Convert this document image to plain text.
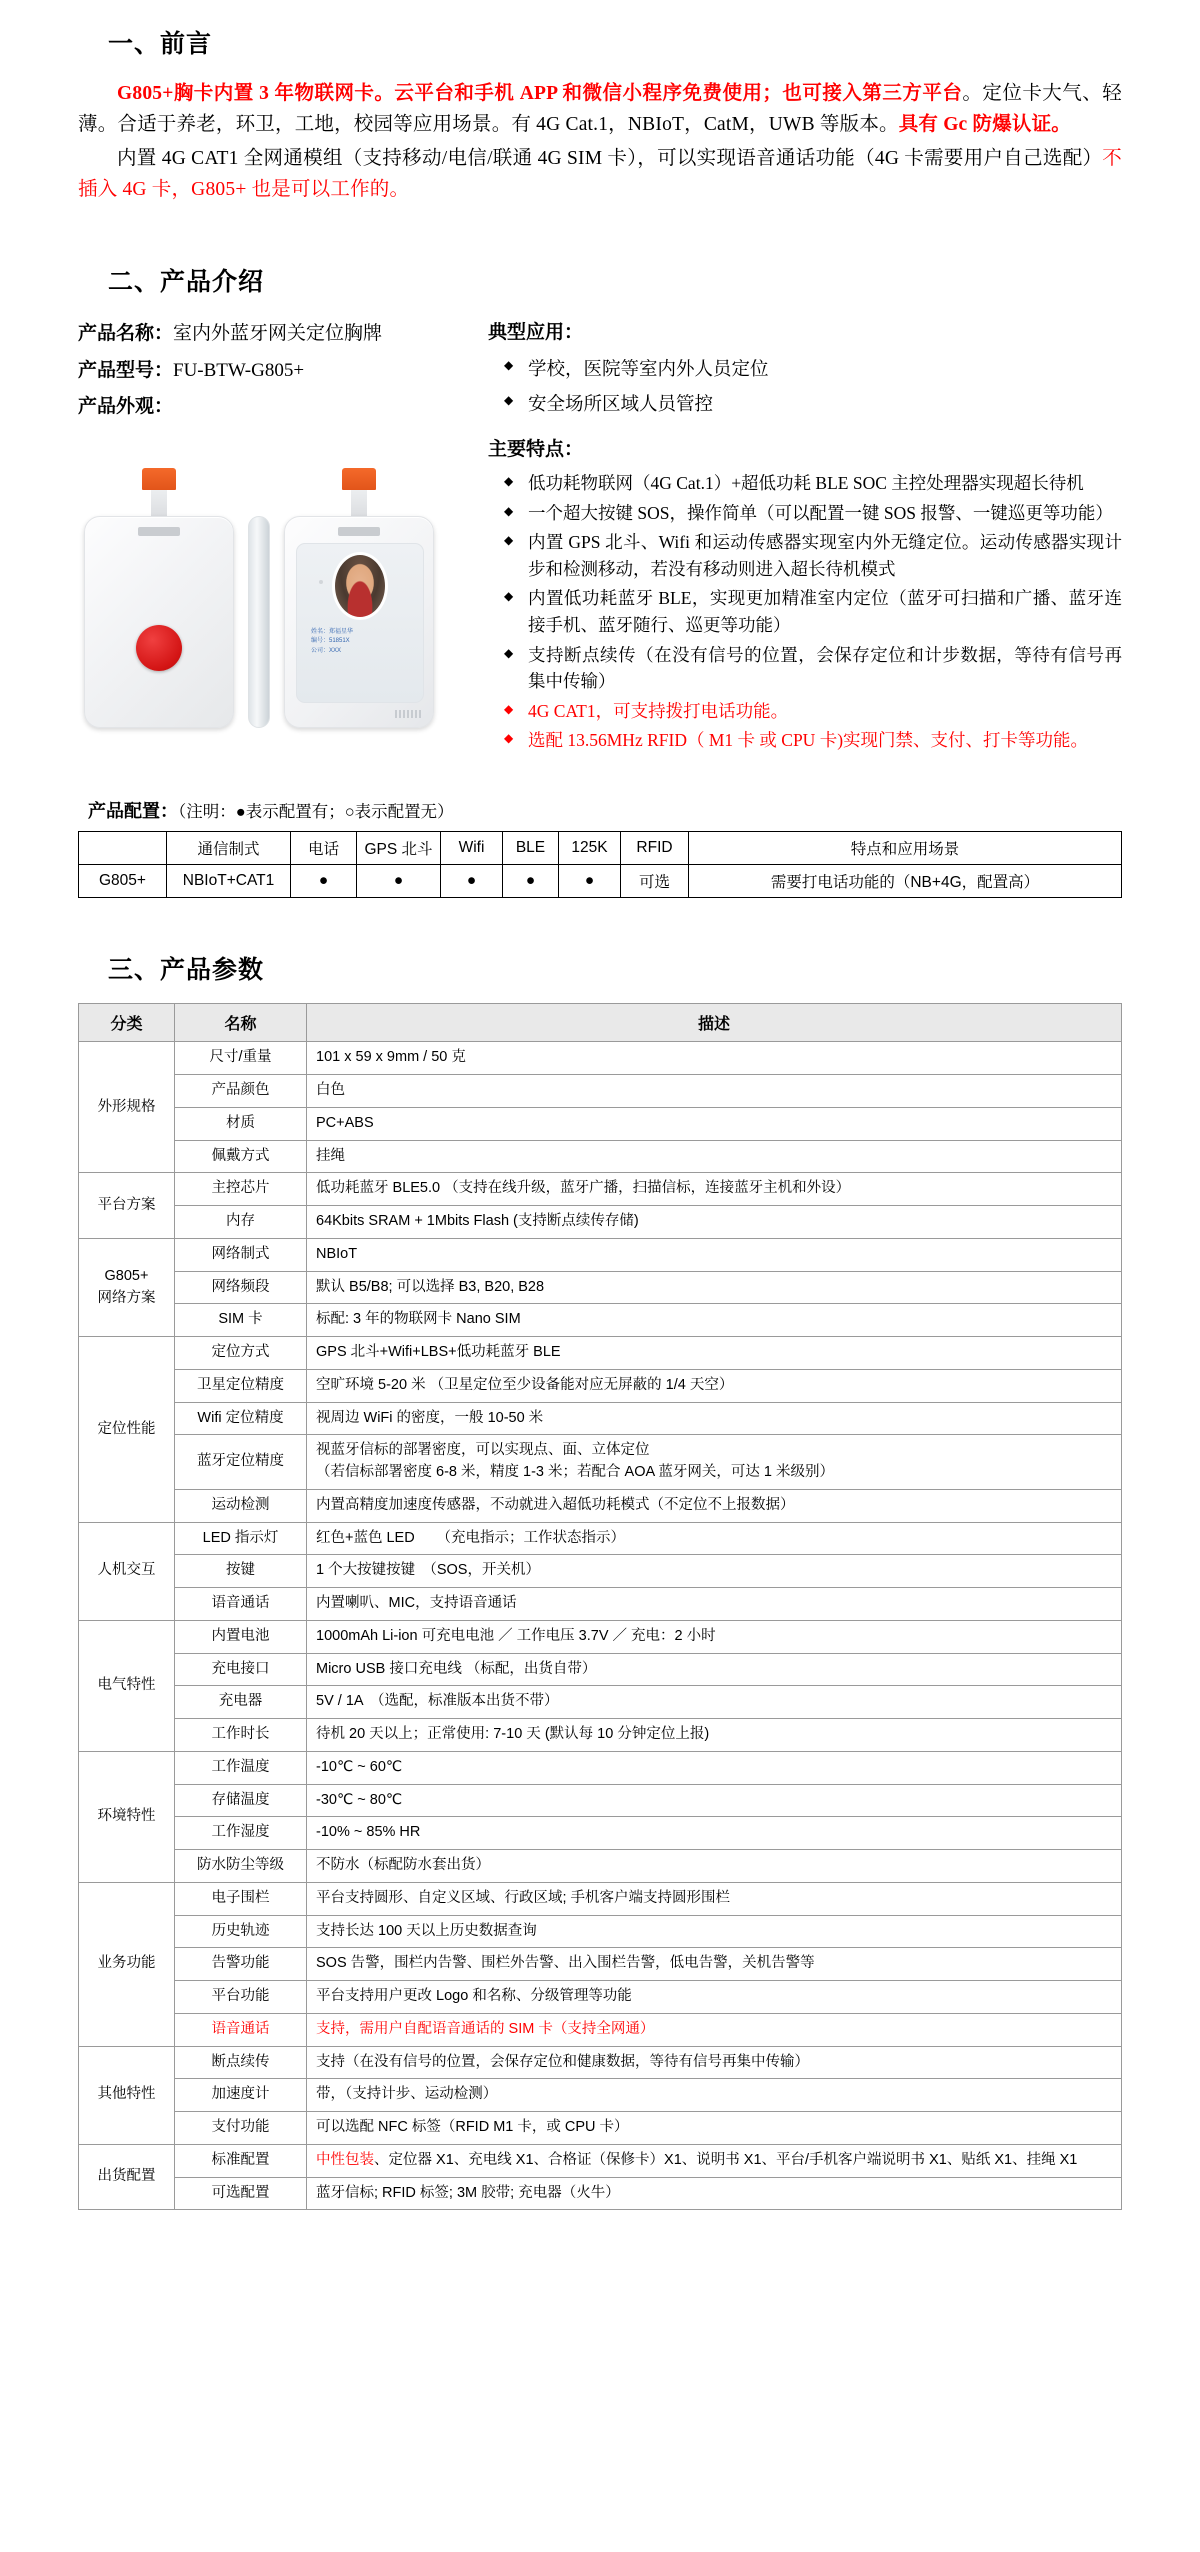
一、前言

G805+胸卡内置 3 年物联网卡。云平台和手机 APP 和微信小程序免费使用；也可接入第三方平台。定位卡大气、轻薄。合适于养老，环卫，工地，校园等应用场景。有 4G Cat.1，NBIoT，CatM，UWB 等版本。具有 Gc 防爆认证。

内置 4G CAT1 全网通模组（支持移动/电信/联通 4G SIM 卡），可以实现语音通话功能（4G 卡需要用户自己选配）不插入 4G 卡，G805+ 也是可以工作的。

二、产品介绍
产品名称：室内外蓝牙网关定位胸牌
产品型号：FU-BTW-G805+
产品外观：
姓名：郑福星华
编号：51851X
公司：XXX
典型应用：
◆ 学校，医院等室内外人员定位
◆ 安全场所区域人员管控
主要特点：
◆ 低功耗物联网（4G Cat.1）+超低功耗 BLE SOC 主控处理器实现超长待机
◆ 一个超大按键 SOS，操作简单（可以配置一键 SOS 报警、一键巡更等功能）
◆ 内置 GPS 北斗、Wifi 和运动传感器实现室内外无缝定位。运动传感器实现计步和检测移动，若没有移动则进入超长待机模式
◆ 内置低功耗蓝牙 BLE，实现更加精准室内定位（蓝牙可扫描和广播、蓝牙连接手机、蓝牙随行、巡更等功能）
◆ 支持断点续传（在没有信号的位置，会保存定位和计步数据，等待有信号再集中传输）
◆ 4G CAT1，可支持拨打电话功能。
◆ 选配 13.56MHz RFID（ M1 卡 或 CPU 卡)实现门禁、支付、打卡等功能。
产品配置：（注明：●表示配置有；○表示配置无）
	通信制式	电话	GPS 北斗	Wifi	BLE	125K	RFID	特点和应用场景
G805+	NBIoT+CAT1	●	●	●	●	●	可选	需要打电话功能的（NB+4G，配置高）
三、产品参数
分类	名称	描述
外形规格	尺寸/重量	101 x 59 x 9mm / 50 克
	产品颜色	白色
	材质	PC+ABS
	佩戴方式	挂绳
平台方案	主控芯片	低功耗蓝牙 BLE5.0 （支持在线升级，蓝牙广播，扫描信标，连接蓝牙主机和外设）
	内存	64Kbits SRAM + 1Mbits Flash (支持断点续传存储)
G805+
网络方案	网络制式	NBIoT
	网络频段	默认 B5/B8; 可以选择 B3, B20, B28
	SIM 卡	标配: 3 年的物联网卡 Nano SIM
定位性能	定位方式	GPS 北斗+Wifi+LBS+低功耗蓝牙 BLE
	卫星定位精度	空旷环境 5-20 米 （卫星定位至少设备能对应无屏蔽的 1/4 天空）
	Wifi 定位精度	视周边 WiFi 的密度，一般 10-50 米
	蓝牙定位精度	视蓝牙信标的部署密度，可以实现点、面、立体定位
（若信标部署密度 6-8 米，精度 1-3 米；若配合 AOA 蓝牙网关，可达 1 米级别）
	运动检测	内置高精度加速度传感器，不动就进入超低功耗模式（不定位不上报数据）
人机交互	LED 指示灯	红色+蓝色 LED　　（充电指示；工作状态指示）
	按键	1 个大按键按键　（SOS，开关机）
	语音通话	内置喇叭、MIC，支持语音通话
电气特性	内置电池	1000mAh Li-ion 可充电电池 ／ 工作电压 3.7V ／ 充电：2 小时
	充电接口	Micro USB 接口充电线 （标配，出货自带）
	充电器	5V / 1A　（选配，标准版本出货不带）
	工作时长	待机 20 天以上；正常使用: 7-10 天 (默认每 10 分钟定位上报)
环境特性	工作温度	-10℃ ~ 60℃
	存储温度	-30℃ ~ 80℃
	工作湿度	-10% ~ 85% HR
	防水防尘等级	不防水（标配防水套出货）
业务功能	电子围栏	平台支持圆形、自定义区域、行政区域; 手机客户端支持圆形围栏
	历史轨迹	支持长达 100 天以上历史数据查询
	告警功能	SOS 告警，围栏内告警、围栏外告警、出入围栏告警，低电告警，关机告警等
	平台功能	平台支持用户更改 Logo 和名称、分级管理等功能
	语音通话	支持，需用户自配语音通话的 SIM 卡（支持全网通）
其他特性	断点续传	支持（在没有信号的位置，会保存定位和健康数据，等待有信号再集中传输）
	加速度计	带，（支持计步、运动检测）
	支付功能	可以选配 NFC 标签（RFID M1 卡，或 CPU 卡）
出货配置	标准配置	中性包装、定位器 X1、充电线 X1、合格证（保修卡）X1、说明书 X1、平台/手机客户端说明书 X1、贴纸 X1、挂绳 X1
	可选配置	蓝牙信标; RFID 标签; 3M 胶带; 充电器（火牛）
